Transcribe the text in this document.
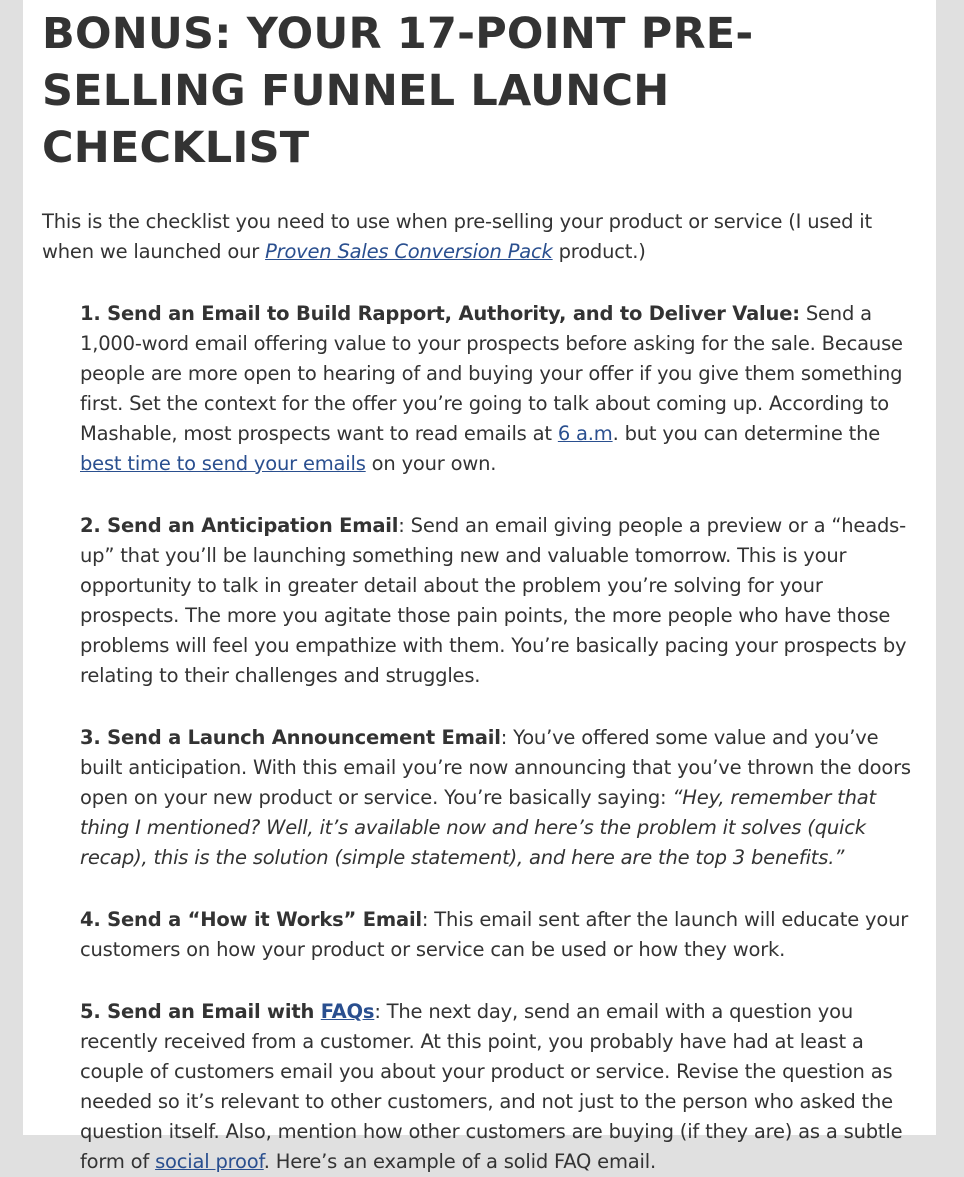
BONUS: YOUR 17-POINT PRE-SELLING FUNNEL LAUNCH CHECKLIST

This is the checklist you need to use when pre-selling your product or service (I used it when we launched our Proven Sales Conversion Pack product.)

1. Send an Email to Build Rapport, Authority, and to Deliver Value: Send a 1,000-word email offering value to your prospects before asking for the sale. Because people are more open to hearing of and buying your offer if you give them something first. Set the context for the offer you’re going to talk about coming up. According to Mashable, most prospects want to read emails at 6 a.m. but you can determine the best time to send your emails on your own.
2. Send an Anticipation Email: Send an email giving people a preview or a “heads-up” that you’ll be launching something new and valuable tomorrow. This is your opportunity to talk in greater detail about the problem you’re solving for your prospects. The more you agitate those pain points, the more people who have those problems will feel you empathize with them. You’re basically pacing your prospects by relating to their challenges and struggles.
3. Send a Launch Announcement Email: You’ve offered some value and you’ve built anticipation. With this email you’re now announcing that you’ve thrown the doors open on your new product or service. You’re basically saying: “Hey, remember that thing I mentioned? Well, it’s available now and here’s the problem it solves (quick recap), this is the solution (simple statement), and here are the top 3 benefits.”
4. Send a “How it Works” Email: This email sent after the launch will educate your customers on how your product or service can be used or how they work.
5. Send an Email with FAQs: The next day, send an email with a question you recently received from a customer. At this point, you probably have had at least a couple of customers email you about your product or service. Revise the question as needed so it’s relevant to other customers, and not just to the person who asked the question itself. Also, mention how other customers are buying (if they are) as a subtle form of social proof. Here’s an example of a solid FAQ email.
